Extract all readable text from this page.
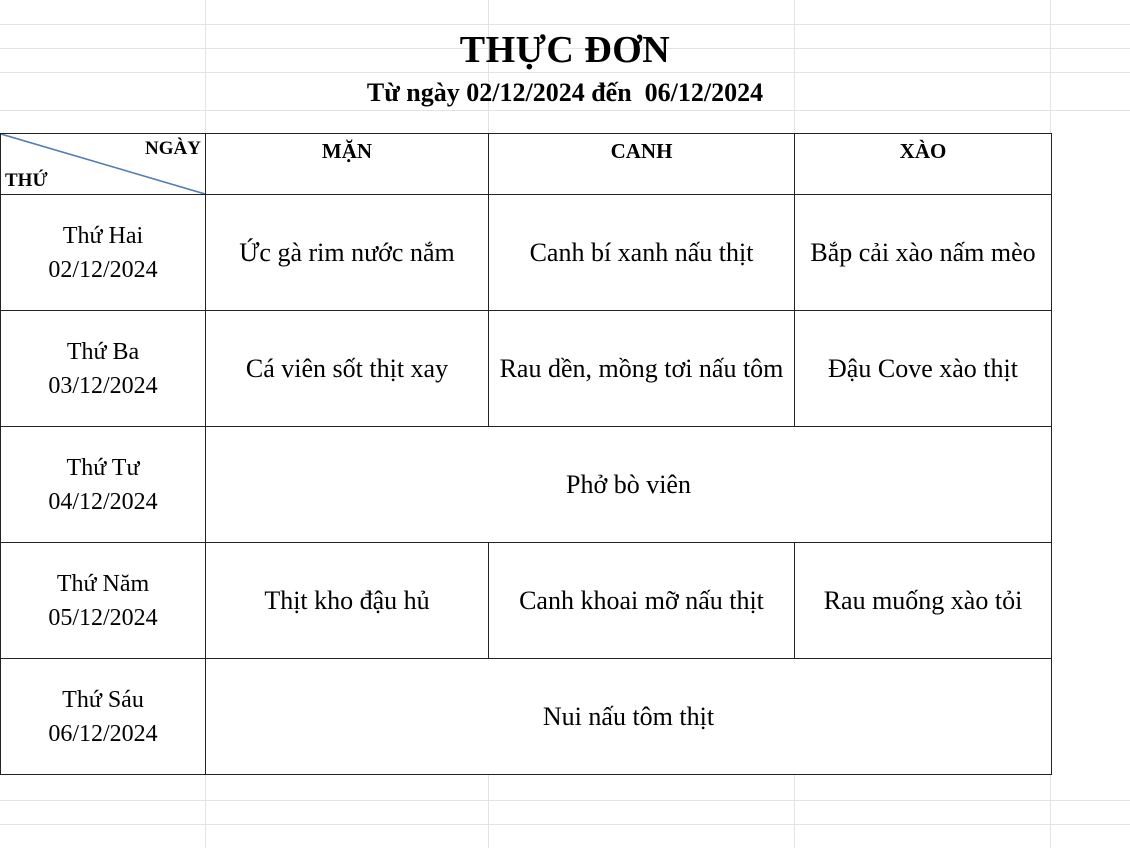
THỰC ĐƠN
Từ ngày 02/12/2024 đến  06/12/2024
NGÀY
THỨ	MẶN	CANH	XÀO

Thứ Hai
02/12/2024	Ức gà rim nước nắm	Canh bí xanh nấu thịt	Bắp cải xào nấm mèo

Thứ Ba
03/12/2024	Cá viên sốt thịt xay	Rau dền, mồng tơi nấu tôm	Đậu Cove xào thịt

Thứ Tư
04/12/2024	Phở bò viên		

Thứ Năm
05/12/2024	Thịt kho đậu hủ	Canh khoai mỡ nấu thịt	Rau muống xào tỏi

Thứ Sáu
06/12/2024	Nui nấu tôm thịt		
